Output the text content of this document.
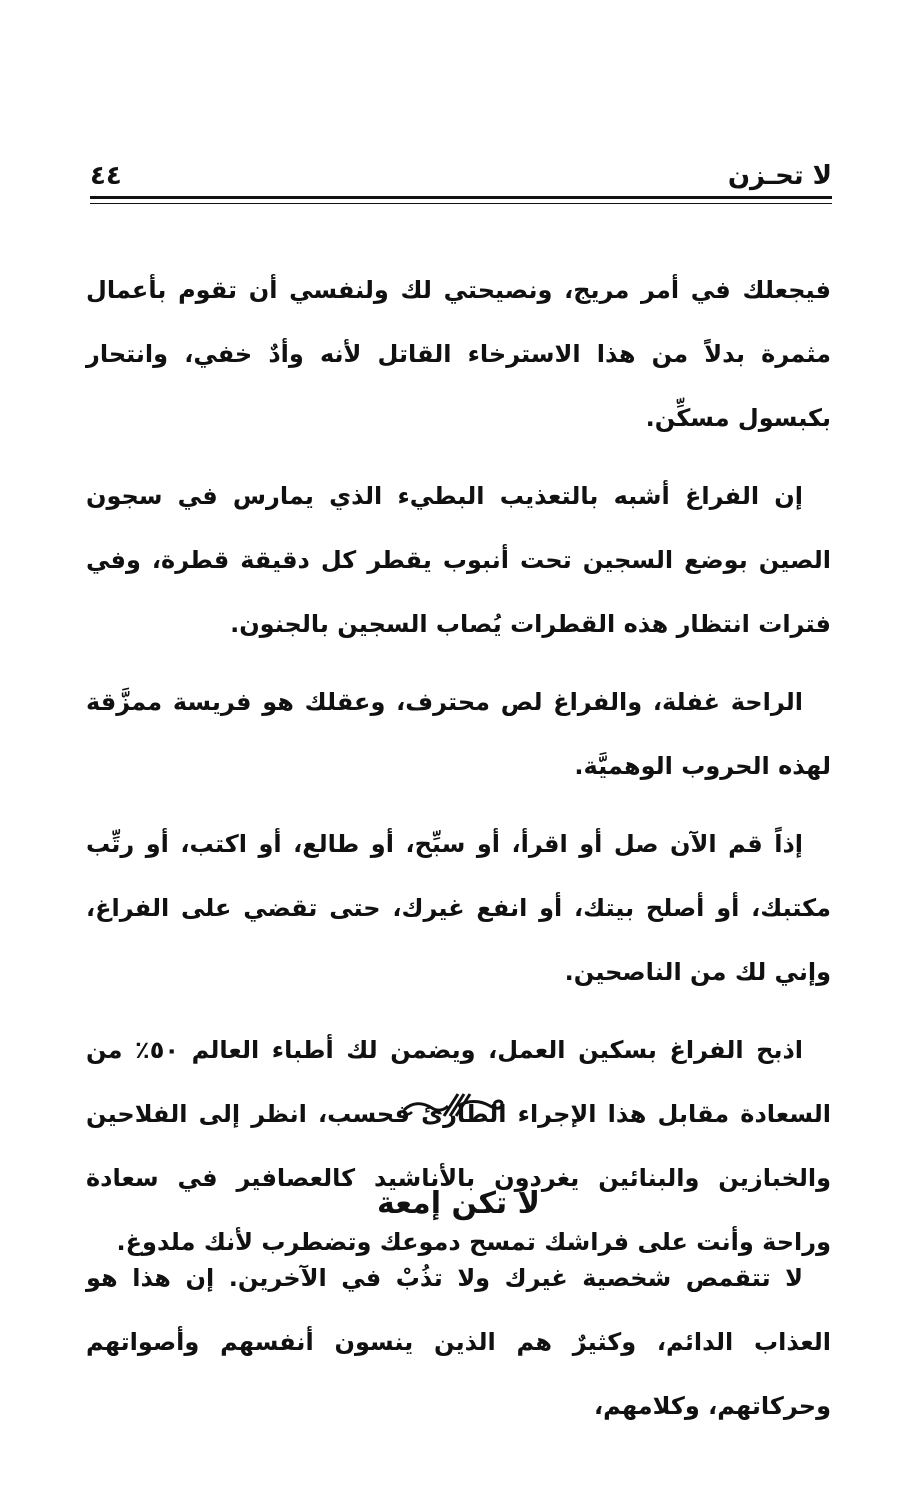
٤٤	لا تحـزن

فيجعلك في أمر مريج، ونصيحتي لك ولنفسي أن تقوم بأعمال مثمرة بدلاً من هذا الاسترخاء القاتل لأنه وأدٌ خفي، وانتحار بكبسول مسكِّن.

إن الفراغ أشبه بالتعذيب البطيء الذي يمارس في سجون الصين بوضع السجين تحت أنبوب يقطر كل دقيقة قطرة، وفي فترات انتظار هذه القطرات يُصاب السجين بالجنون.

الراحة غفلة، والفراغ لص محترف، وعقلك هو فريسة ممزَّقة لهذه الحروب الوهميَّة.

إذاً قم الآن صل أو اقرأ، أو سبِّح، أو طالع، أو اكتب، أو رتِّب مكتبك، أو أصلح بيتك، أو انفع غيرك، حتى تقضي على الفراغ، وإني لك من الناصحين.

اذبح الفراغ بسكين العمل، ويضمن لك أطباء العالم ٥٠٪ من السعادة مقابل هذا الإجراء الطارئ فحسب، انظر إلى الفلاحين والخبازين والبنائين يغردون بالأناشيد كالعصافير في سعادة وراحة وأنت على فراشك تمسح دموعك وتضطرب لأنك ملدوغ.

لا تكن إمعة

لا تتقمص شخصية غيرك ولا تذُبْ في الآخرين. إن هذا هو العذاب الدائم، وكثيرٌ هم الذين ينسون أنفسهم وأصواتهم وحركاتهم، وكلامهم،
